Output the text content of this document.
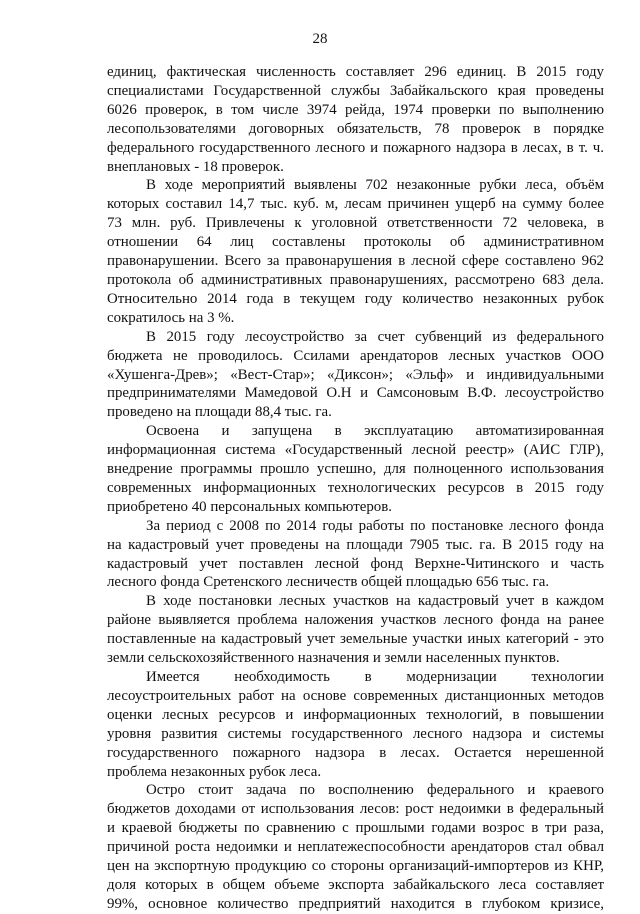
28
единиц, фактическая численность составляет 296 единиц. В 2015 году
специалистами Государственной службы Забайкальского края проведены
6026 проверок, в том числе 3974 рейда, 1974 проверки по выполнению
лесопользователями договорных обязательств, 78 проверок в порядке
федерального государственного лесного и пожарного надзора в лесах, в т. ч.
внеплановых - 18 проверок.
В ходе мероприятий выявлены 702 незаконные рубки леса, объём
которых составил 14,7 тыс. куб. м, лесам причинен ущерб на сумму более
73 млн. руб. Привлечены к уголовной ответственности 72 человека, в
отношении 64 лиц составлены протоколы об административном
правонарушении. Всего за правонарушения в лесной сфере составлено 962
протокола об административных правонарушениях, рассмотрено 683 дела.
Относительно 2014 года в текущем году количество незаконных рубок
сократилось на 3 %.
В 2015 году лесоустройство за счет субвенций из федерального
бюджета не проводилось. Ссилами арендаторов лесных участков ООО
«Хушенга-Древ»; «Вест-Стар»; «Диксон»; «Эльф» и индивидуальными
предпринимателями Мамедовой О.Н и Самсоновым В.Ф. лесоустройство
проведено на площади 88,4 тыс. га.
Освоена и запущена в эксплуатацию автоматизированная
информационная система «Государственный лесной реестр» (АИС ГЛР),
внедрение программы прошло успешно, для полноценного использования
современных информационных технологических ресурсов в 2015 году
приобретено 40 персональных компьютеров.
За период с 2008 по 2014 годы работы по постановке лесного фонда
на кадастровый учет проведены на площади 7905 тыс. га. В 2015 году на
кадастровый учет поставлен лесной фонд Верхне-Читинского и часть
лесного фонда Сретенского лесничеств общей площадью 656 тыс. га.
В ходе постановки лесных участков на кадастровый учет в каждом
районе выявляется проблема наложения участков лесного фонда на ранее
поставленные на кадастровый учет земельные участки иных категорий - это
земли сельскохозяйственного назначения и земли населенных пунктов.
Имеется необходимость в модернизации технологии
лесоустроительных работ на основе современных дистанционных методов
оценки лесных ресурсов и информационных технологий, в повышении
уровня развития системы государственного лесного надзора и системы
государственного пожарного надзора в лесах. Остается нерешенной
проблема незаконных рубок леса.
Остро стоит задача по восполнению федерального и краевого
бюджетов доходами от использования лесов: рост недоимки в федеральный
и краевой бюджеты по сравнению с прошлыми годами возрос в три раза,
причиной роста недоимки и неплатежеспособности арендаторов стал обвал
цен на экспортную продукцию со стороны организаций-импортеров из КНР,
доля которых в общем объеме экспорта забайкальского леса составляет
99%, основное количество предприятий находится в глубоком кризисе,
